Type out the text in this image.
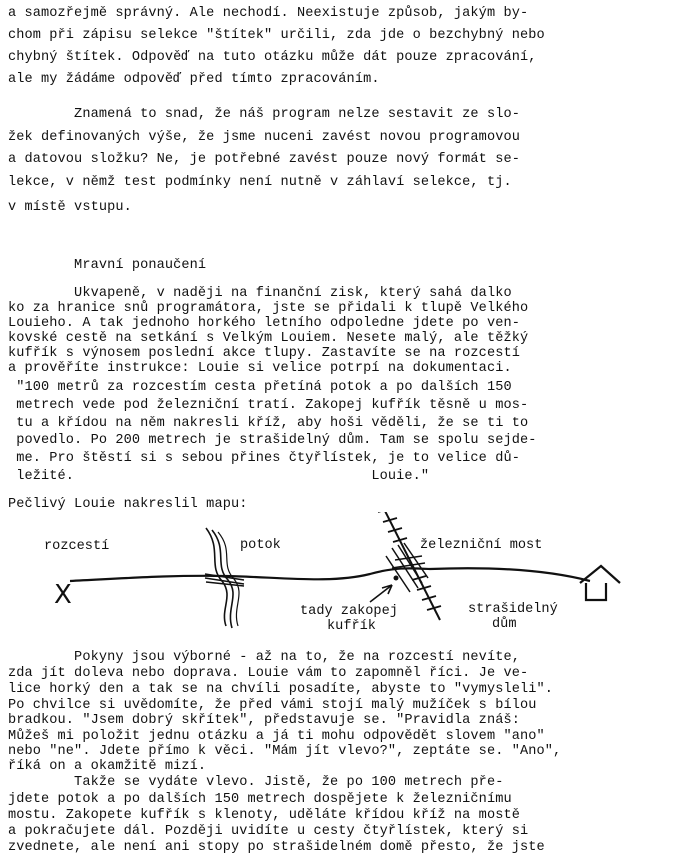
a samozřejmě správný. Ale nechodí. Neexistuje způsob, jakým by-
chom při zápisu selekce "štítek" určili, zda jde o bezchybný nebo
chybný štítek. Odpověď na tuto otázku může dát pouze zpracování,
ale my žádáme odpověď před tímto zpracováním.
Znamená to snad, že náš program nelze sestavit ze slo-
žek definovaných výše, že jsme nuceni zavést novou programovou
a datovou složku? Ne, je potřebné zavést pouze nový formát se-
lekce, v němž test podmínky není nutně v záhlaví selekce, tj.
v místě vstupu.
Mravní ponaučení
Ukvapeně, v naději na finanční zisk, který sahá dalko
ko za hranice snů programátora, jste se přidali k tlupě Velkého
Louieho. A tak jednoho horkého letního odpoledne jdete po ven-
kovské cestě na setkání s Velkým Louiem. Nesete malý, ale těžký
kufřík s výnosem poslední akce tlupy. Zastavíte se na rozcestí
a prověříte instrukce: Louie si velice potrpí na dokumentaci.
"100 metrů za rozcestím cesta přetíná potok a po dalších 150
metrech vede pod železniční tratí. Zakopej kufřík těsně u mos-
tu a křídou na něm nakresli kříž, aby hoši věděli, že se ti to
povedlo. Po 200 metrech je strašidelný dům. Tam se spolu sejde-
me. Pro štěstí si s sebou přines čtyřlístek, je to velice dů-
ležité.                                    Louie."
Pečlivý Louie nakreslil mapu:
X
rozcestí	potok	železniční most
tady zakopej
kufřík
strašidelný
dům
Pokyny jsou výborné - až na to, že na rozcestí nevíte,
zda jít doleva nebo doprava. Louie vám to zapomněl říci. Je ve-
lice horký den a tak se na chvíli posadíte, abyste to "vymysleli".
Po chvilce si uvědomíte, že před vámi stojí malý mužíček s bílou
bradkou. "Jsem dobrý skřítek", představuje se. "Pravidla znáš:
Můžeš mi položit jednu otázku a já ti mohu odpovědět slovem "ano"
nebo "ne". Jdete přímo k věci. "Mám jít vlevo?", zeptáte se. "Ano",
říká on a okamžitě mizí.
Takže se vydáte vlevo. Jistě, že po 100 metrech pře-
jdete potok a po dalších 150 metrech dospějete k železničnímu
mostu. Zakopete kufřík s klenoty, uděláte křídou kříž na mostě
a pokračujete dál. Později uvidíte u cesty čtyřlístek, který si
zvednete, ale není ani stopy po strašidelném domě přesto, že jste
